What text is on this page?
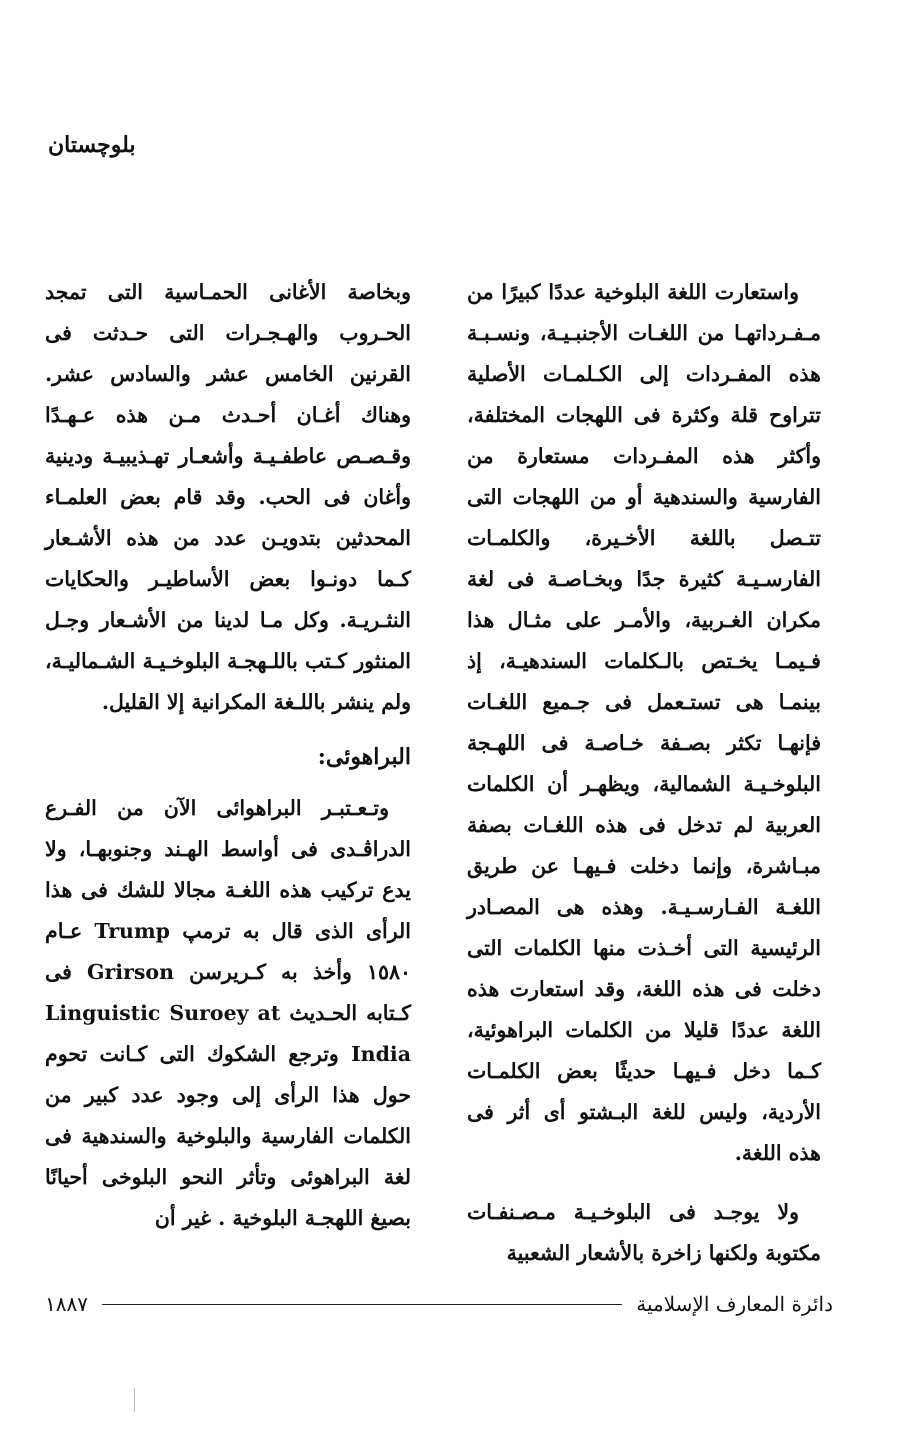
بلوچستان

واستعارت اللغة البلوخية عددًا كبيرًا من مـفـرداتهـا من اللغـات الأجنبـيـة، ونسـبـة هذه المفـردات إلى الكـلمـات الأصلية تتراوح قلة وكثرة فى اللهجات المختلفة، وأكثر هذه المفـردات مستعارة من الفارسية والسندهية أو من اللهجات التى تتـصل باللغة الأخـيرة، والكلمـات الفارسـيـة كثيرة جدًا وبخـاصـة فى لغة مكران الغـربية، والأمـر على مثـال هذا فـيمـا يخـتص بالـكلمات السندهيـة، إذ بينمـا هى تستـعمل فى جـميع اللغـات فإنهـا تكثر بصـفة خـاصـة فى اللهـجة البلوخـيـة الشمالية، ويظهـر أن الكلمات العربية لم تدخل فى هذه اللغـات بصفة مبـاشرة، وإنما دخلت فـيهـا عن طريق اللغـة الفـارسـيـة. وهذه هى المصـادر الرئيسية التى أخـذت منها الكلمات التى دخلت فى هذه اللغة، وقد استعارت هذه اللغة عددًا قليلا من الكلمات البراهوئية، كـما دخل فـيهـا حديثًا بعض الكلمـات الأردية، وليس للغة البـشتو أى أثر فى هذه اللغة.

ولا يوجـد فى البلوخـيـة مـصـنفـات مكتوبة ولكنها زاخرة بالأشعار الشعبية

وبخاصة الأغانى الحمـاسية التى تمجد الحـروب والهـجـرات التى حـدثت فى القرنين الخامس عشر والسادس عشر. وهناك أغـان أحـدث مـن هذه عـهـدًا وقـصـص عاطفـيـة وأشعـار تهـذيبيـة ودينية وأغان فى الحب. وقد قام بعض العلمـاء المحدثين بتدويـن عدد من هذه الأشـعار كـما دونـوا بعض الأساطيـر والحكايات النثـريـة. وكل مـا لدينا من الأشـعار وجـل المنثور كـتب باللـهجـة البلوخـيـة الشـماليـة، ولم ينشر باللـغة المكرانية إلا القليل.

البراهوئى:

وتـعـتبـر البراهوائى الآن من الفـرع الدراڤـدى فى أواسط الهـند وجنوبهـا، ولا يدع تركيب هذه اللغـة مجالا للشك فى هذا الرأى الذى قال به ترمپ Trump عـام ١٥٨٠ وأخذ به كـريرسن Grirson فى كـتابه الحـديث Linguistic Suroey at India وترجع الشكوك التى كـانت تحوم حول هذا الرأى إلى وجود عدد كبير من الكلمات الفارسية والبلوخية والسندهية فى لغة البراهوئى وتأثر النحو البلوخى أحيانًا بصيغ اللهجـة البلوخية . غير أن

دائرة المعارف الإسلامية
١٨٨٧
